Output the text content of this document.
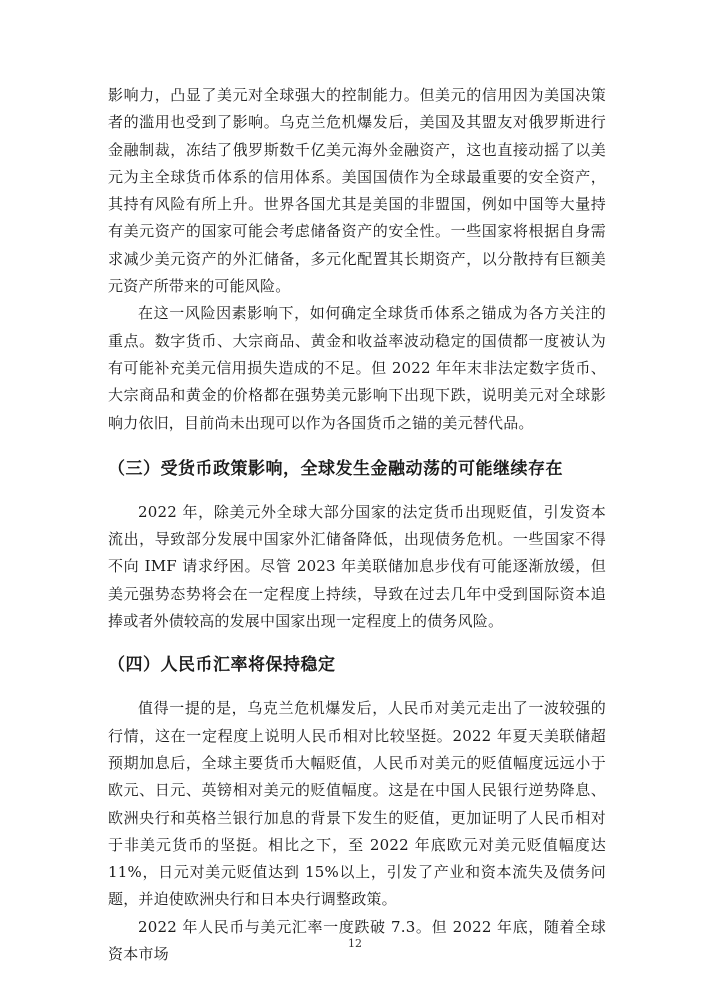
影响力，凸显了美元对全球强大的控制能力。但美元的信用因为美国决策者的滥用也受到了影响。乌克兰危机爆发后，美国及其盟友对俄罗斯进行金融制裁，冻结了俄罗斯数千亿美元海外金融资产，这也直接动摇了以美元为主全球货币体系的信用体系。美国国债作为全球最重要的安全资产，其持有风险有所上升。世界各国尤其是美国的非盟国，例如中国等大量持有美元资产的国家可能会考虑储备资产的安全性。一些国家将根据自身需求减少美元资产的外汇储备，多元化配置其长期资产，以分散持有巨额美元资产所带来的可能风险。

在这一风险因素影响下，如何确定全球货币体系之锚成为各方关注的重点。数字货币、大宗商品、黄金和收益率波动稳定的国债都一度被认为有可能补充美元信用损失造成的不足。但 2022 年年末非法定数字货币、大宗商品和黄金的价格都在强势美元影响下出现下跌，说明美元对全球影响力依旧，目前尚未出现可以作为各国货币之锚的美元替代品。

（三）受货币政策影响，全球发生金融动荡的可能继续存在

2022 年，除美元外全球大部分国家的法定货币出现贬值，引发资本流出，导致部分发展中国家外汇储备降低，出现债务危机。一些国家不得不向 IMF 请求纾困。尽管 2023 年美联储加息步伐有可能逐渐放缓，但美元强势态势将会在一定程度上持续，导致在过去几年中受到国际资本追捧或者外债较高的发展中国家出现一定程度上的债务风险。

（四）人民币汇率将保持稳定

值得一提的是，乌克兰危机爆发后，人民币对美元走出了一波较强的行情，这在一定程度上说明人民币相对比较坚挺。2022 年夏天美联储超预期加息后，全球主要货币大幅贬值，人民币对美元的贬值幅度远远小于欧元、日元、英镑相对美元的贬值幅度。这是在中国人民银行逆势降息、欧洲央行和英格兰银行加息的背景下发生的贬值，更加证明了人民币相对于非美元货币的坚挺。相比之下，至 2022 年底欧元对美元贬值幅度达 11%，日元对美元贬值达到 15%以上，引发了产业和资本流失及债务问题，并迫使欧洲央行和日本央行调整政策。

2022 年人民币与美元汇率一度跌破 7.3。但 2022 年底，随着全球资本市场

12
